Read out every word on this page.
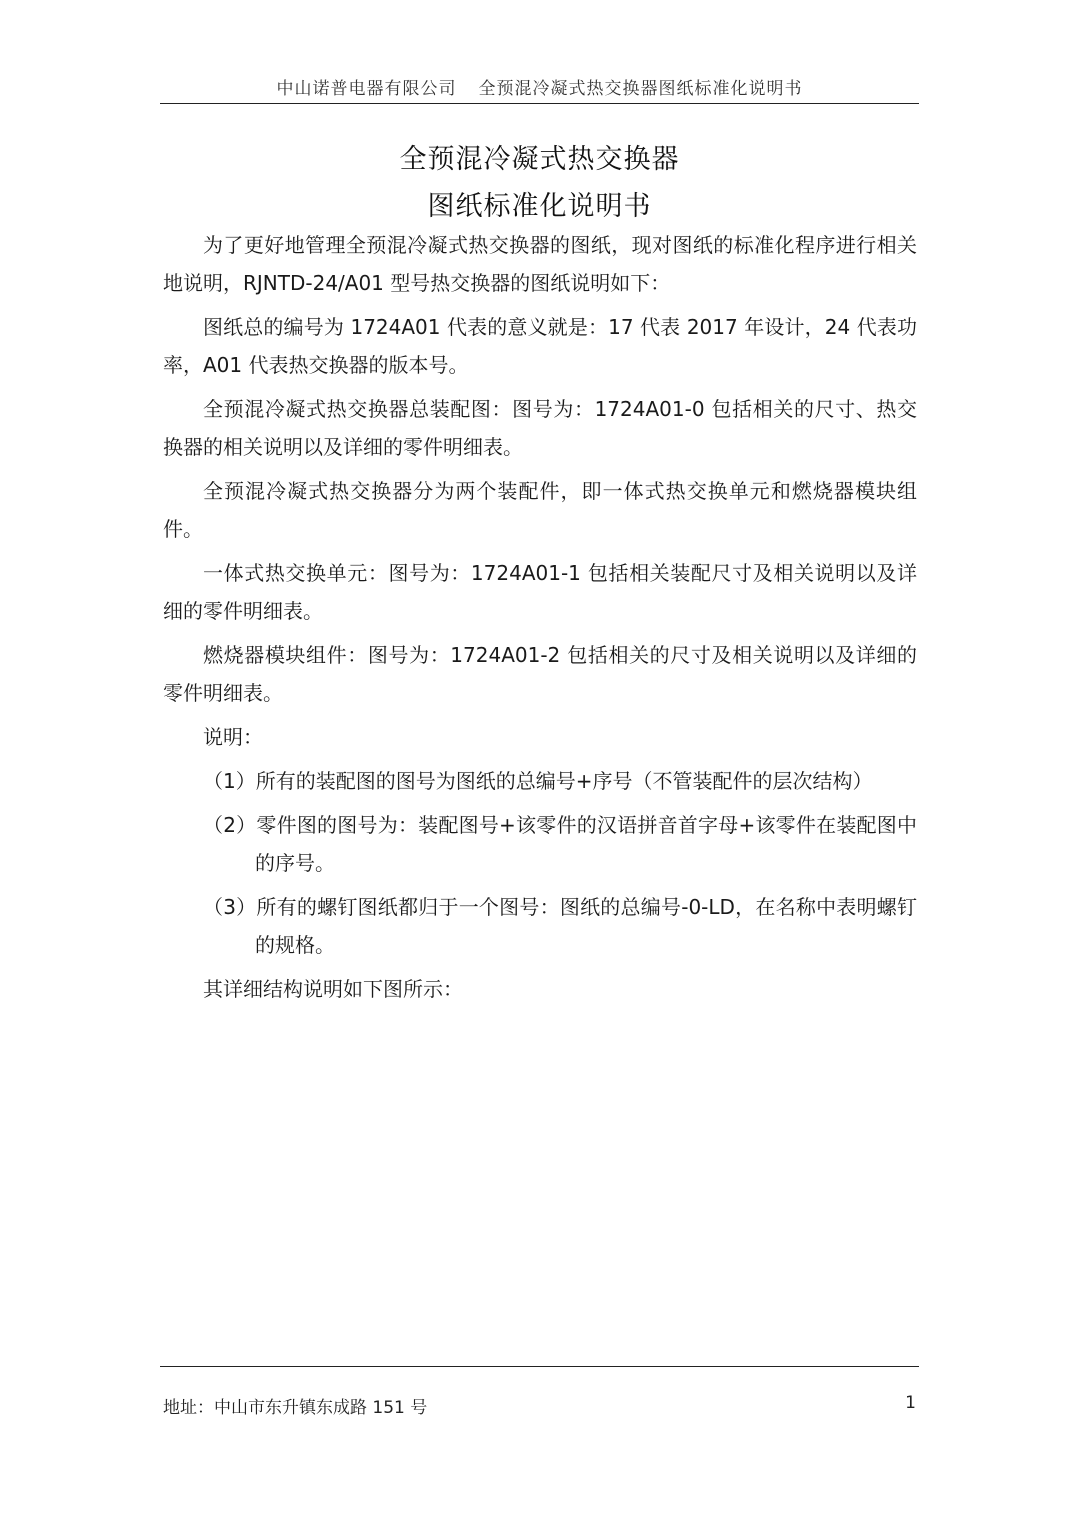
中山诺普电器有限公司 全预混冷凝式热交换器图纸标准化说明书
全预混冷凝式热交换器
图纸标准化说明书

为了更好地管理全预混冷凝式热交换器的图纸，现对图纸的标准化程序进行相关地说明，RJNTD-24/A01 型号热交换器的图纸说明如下：

图纸总的编号为 1724A01 代表的意义就是：17 代表 2017 年设计，24 代表功率，A01 代表热交换器的版本号。

全预混冷凝式热交换器总装配图：图号为：1724A01-0 包括相关的尺寸、热交换器的相关说明以及详细的零件明细表。

全预混冷凝式热交换器分为两个装配件，即一体式热交换单元和燃烧器模块组件。

一体式热交换单元：图号为：1724A01-1 包括相关装配尺寸及相关说明以及详细的零件明细表。

燃烧器模块组件：图号为：1724A01-2 包括相关的尺寸及相关说明以及详细的零件明细表。

说明：
（1）所有的装配图的图号为图纸的总编号+序号（不管装配件的层次结构）
（2）零件图的图号为：装配图号+该零件的汉语拼音首字母+该零件在装配图中的序号。
（3）所有的螺钉图纸都归于一个图号：图纸的总编号-0-LD，在名称中表明螺钉的规格。
其详细结构说明如下图所示：
地址：中山市东升镇东成路 151 号	1
